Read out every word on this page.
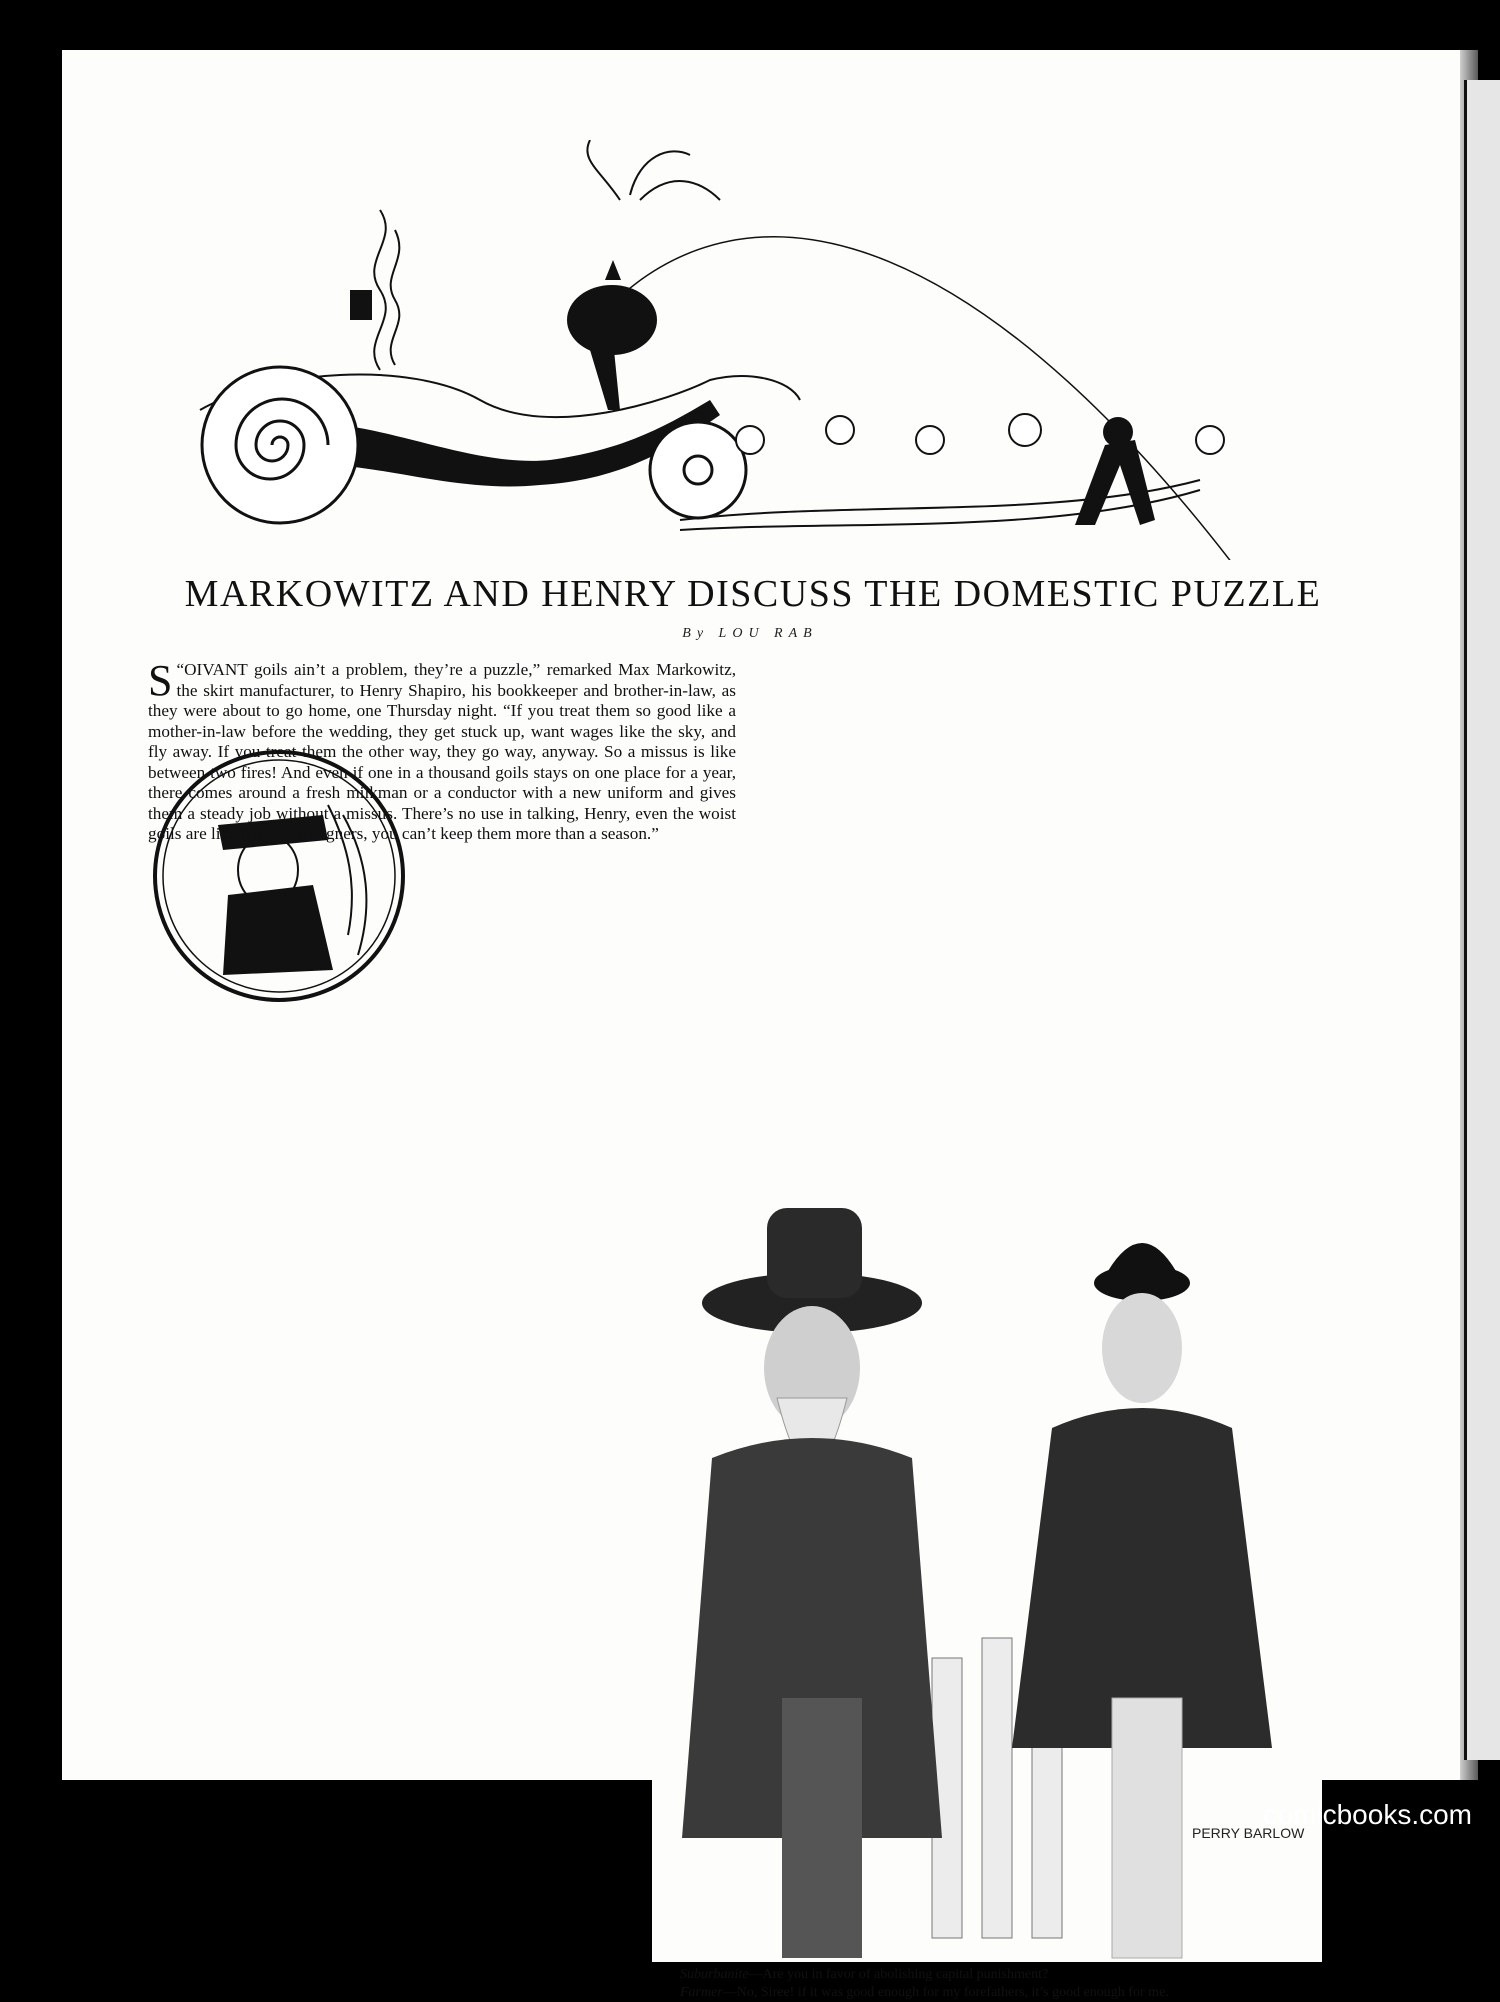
MARKOWITZ AND HENRY DISCUSS THE DOMESTIC PUZZLE
By LOU RAB

S “OIVANT goils ain’t a problem, they’re a puzzle,” remarked Max Markowitz, the skirt manufacturer, to Henry Shapiro, his bookkeeper and brother-in-law, as they were about to go home, one Thursday night. “If you treat them so good like a mother-in-law before the wedding, they get stuck up, want wages like the sky, and fly away. If you treat them the other way, they go way, anyway. So a missus is like between two fires! And even if one in a thousand goils stays on one place for a year, there comes around a fresh milkman or a conductor with a new uniform and gives them a steady job without a missus. There’s no use in talking, Henry, even the woist goils are like the best designers, you can’t keep them more than a season.”

PERRY BARLOW
Suburbanite—Are you in favor of abolishing capital punishment?
Farmer—No, Siree! if it was good enough for my forefathers, it’s good enough for me.
comicbooks.com
